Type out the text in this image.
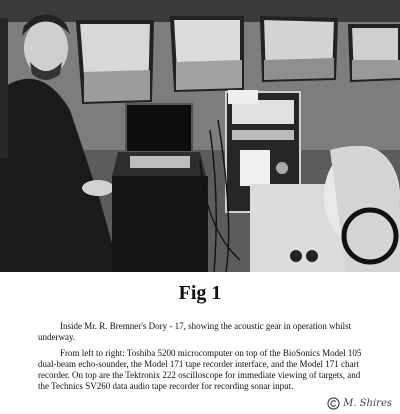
Fig 1
Inside Mr. R. Bremner's Dory - 17, showing the acoustic gear in operation whilst underway.
From left to right: Toshiba 5200 microcomputer on top of the BioSonics Model 105 dual-beam echo-sounder, the Model 171 tape recorder interface, and the Model 171 chart recorder. On top are the Tektronix 222 oscilloscope for immediate viewing of targets, and the Technics SV260 data audio tape recorder for recording sonar input.
M. Shires
